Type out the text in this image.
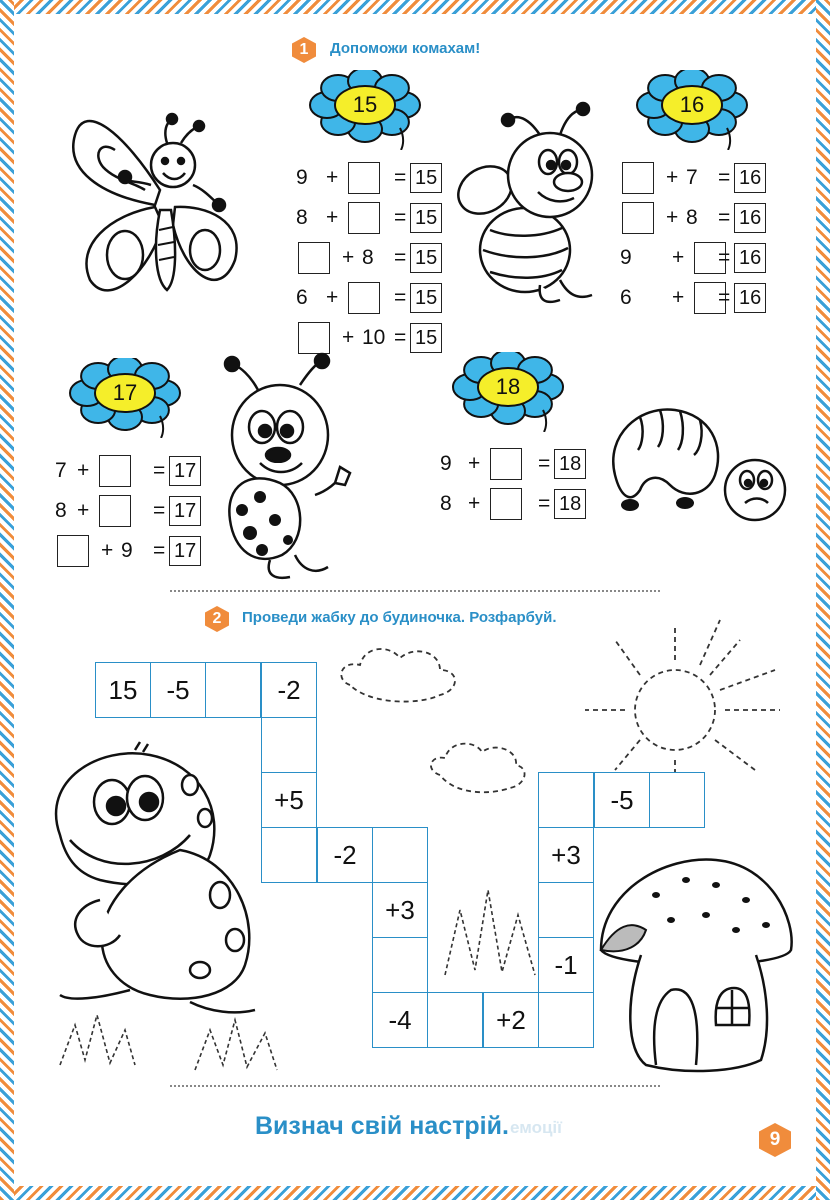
1	Допоможи комахам!
15	16
17	18
9 +	= 15
8 +	= 15
+ 8 = 15
6 +	= 15
+ 10 = 15
+ 7 = 16
+ 8 = 16
9 + = 16
6 + = 16
7 +	= 17
8 +	= 17
+ 9 = 17
9 +	= 18
8 +	= 18
2	Проведи жабку до будиночка. Розфарбуй.
15	-5	-2
+5
-2
+3
-4	+2
-1
+3
-5
Визнач свій настрій. емоції
9
